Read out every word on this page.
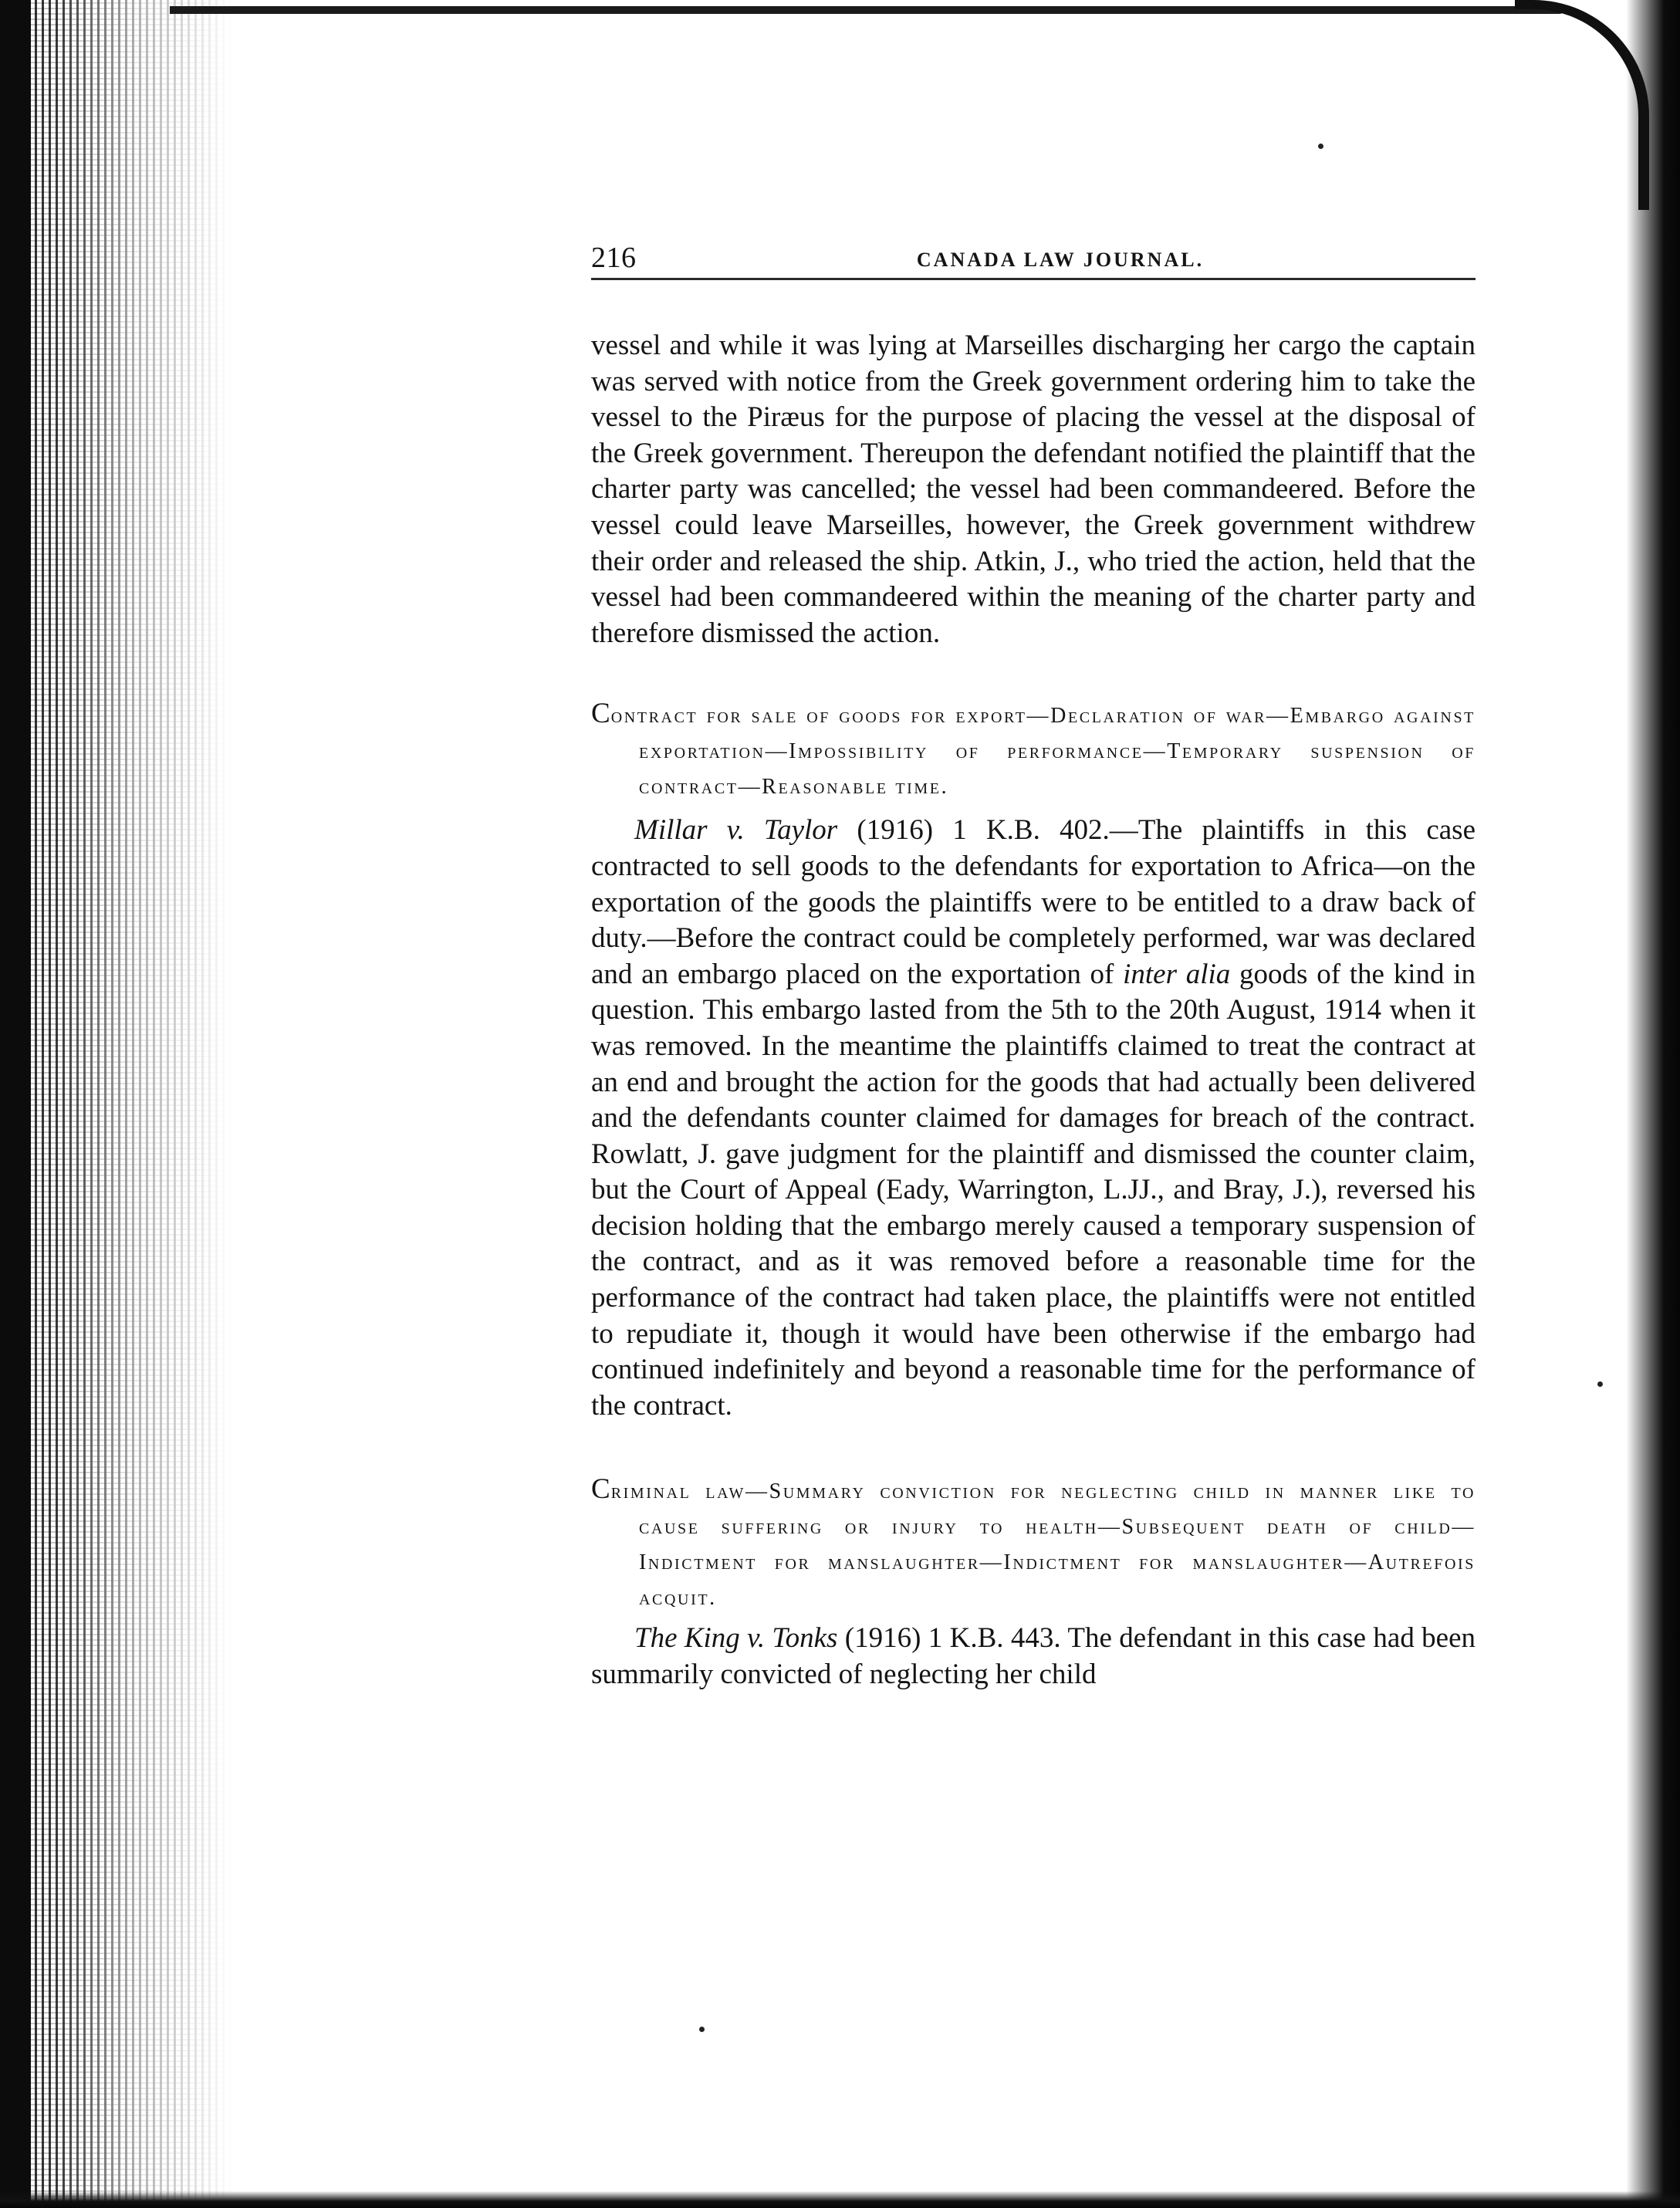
216	CANADA LAW JOURNAL.

vessel and while it was lying at Marseilles discharging her cargo the captain was served with notice from the Greek government ordering him to take the vessel to the Piræus for the purpose of placing the vessel at the disposal of the Greek government. Thereupon the defendant notified the plaintiff that the charter party was cancelled; the vessel had been commandeered. Before the vessel could leave Marseilles, however, the Greek government withdrew their order and released the ship. Atkin, J., who tried the action, held that the vessel had been commandeered within the meaning of the charter party and therefore dismissed the action.

Contract for sale of goods for export—Declaration of war—Embargo against exportation—Impossibility of performance—Temporary suspension of contract—Reasonable time.

Millar v. Taylor (1916) 1 K.B. 402.—The plaintiffs in this case contracted to sell goods to the defendants for exportation to Africa—on the exportation of the goods the plaintiffs were to be entitled to a draw back of duty.—Before the contract could be completely performed, war was declared and an embargo placed on the exportation of inter alia goods of the kind in question. This embargo lasted from the 5th to the 20th August, 1914 when it was removed. In the meantime the plaintiffs claimed to treat the contract at an end and brought the action for the goods that had actually been delivered and the defendants counter claimed for damages for breach of the contract. Rowlatt, J. gave judgment for the plaintiff and dismissed the counter claim, but the Court of Appeal (Eady, Warrington, L.JJ., and Bray, J.), reversed his decision holding that the embargo merely caused a temporary suspension of the contract, and as it was removed before a reasonable time for the performance of the contract had taken place, the plaintiffs were not entitled to repudiate it, though it would have been otherwise if the embargo had continued indefinitely and beyond a reasonable time for the performance of the contract.

Criminal law—Summary conviction for neglecting child in manner like to cause suffering or injury to health—Subsequent death of child—Indictment for manslaughter—Indictment for manslaughter—Autrefois acquit.

The King v. Tonks (1916) 1 K.B. 443. The defendant in this case had been summarily convicted of neglecting her child
